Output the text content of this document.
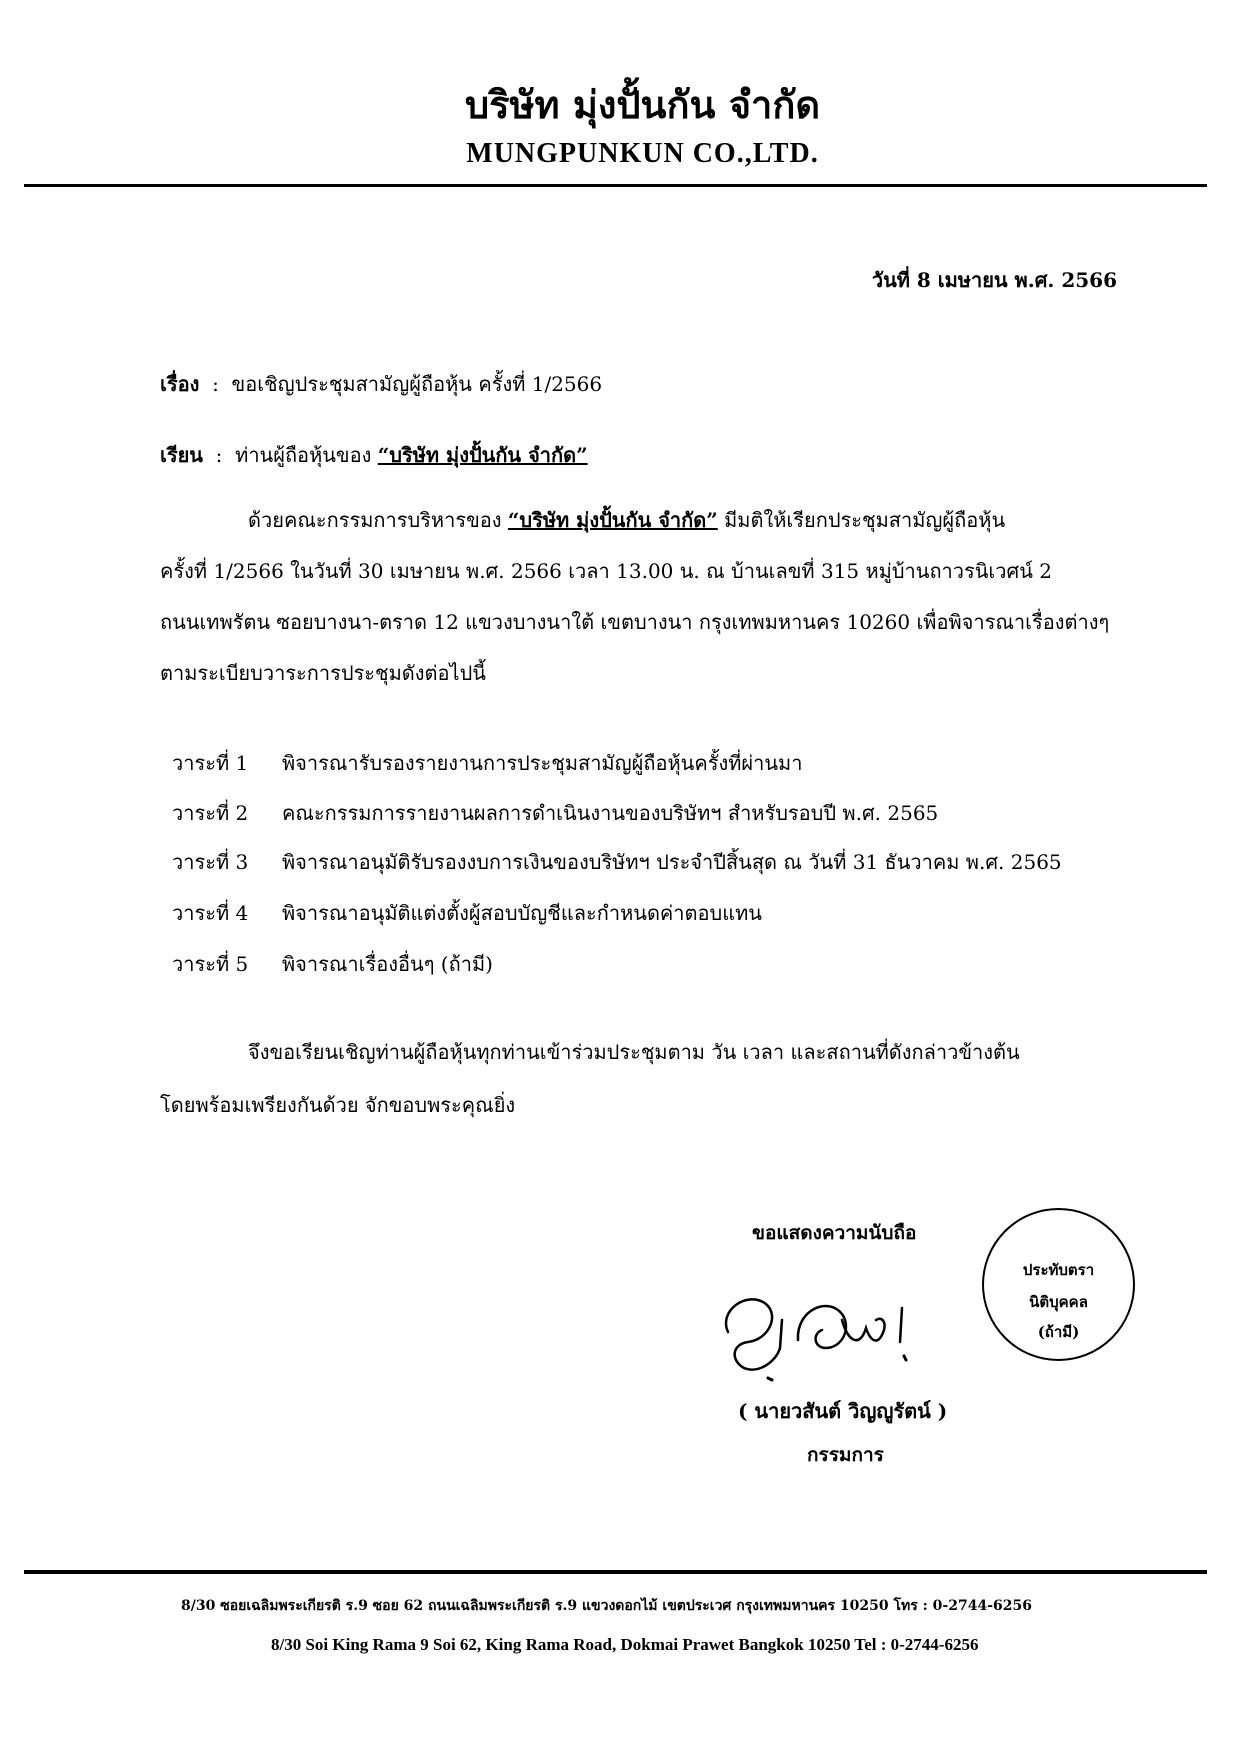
บริษัท มุ่งปั้นกัน จำกัด
MUNGPUNKUN CO.,LTD.
วันที่ 8 เมษายน พ.ศ. 2566
เรื่อง  :  ขอเชิญประชุมสามัญผู้ถือหุ้น ครั้งที่ 1/2566
เรียน  :  ท่านผู้ถือหุ้นของ “บริษัท มุ่งปั้นกัน จำกัด”
ด้วยคณะกรรมการบริหารของ “บริษัท มุ่งปั้นกัน จำกัด” มีมติให้เรียกประชุมสามัญผู้ถือหุ้น
ครั้งที่ 1/2566 ในวันที่ 30 เมษายน พ.ศ. 2566 เวลา 13.00 น. ณ บ้านเลขที่ 315 หมู่บ้านถาวรนิเวศน์ 2
ถนนเทพรัตน ซอยบางนา-ตราด 12 แขวงบางนาใต้ เขตบางนา กรุงเทพมหานคร 10260 เพื่อพิจารณาเรื่องต่างๆ
ตามระเบียบวาระการประชุมดังต่อไปนี้
วาระที่ 1 พิจารณารับรองรายงานการประชุมสามัญผู้ถือหุ้นครั้งที่ผ่านมา
วาระที่ 2 คณะกรรมการรายงานผลการดำเนินงานของบริษัทฯ สำหรับรอบปี พ.ศ. 2565
วาระที่ 3 พิจารณาอนุมัติรับรองงบการเงินของบริษัทฯ ประจำปีสิ้นสุด ณ วันที่ 31 ธันวาคม พ.ศ. 2565
วาระที่ 4 พิจารณาอนุมัติแต่งตั้งผู้สอบบัญชีและกำหนดค่าตอบแทน
วาระที่ 5 พิจารณาเรื่องอื่นๆ (ถ้ามี)
จึงขอเรียนเชิญท่านผู้ถือหุ้นทุกท่านเข้าร่วมประชุมตาม วัน เวลา และสถานที่ดังกล่าวข้างต้น
โดยพร้อมเพรียงกันด้วย จักขอบพระคุณยิ่ง
ขอแสดงความนับถือ
ประทับตรา
นิติบุคคล
(ถ้ามี)
( นายวสันต์ วิญญูรัตน์ )
กรรมการ
8/30 ซอยเฉลิมพระเกียรติ ร.9 ซอย 62 ถนนเฉลิมพระเกียรติ ร.9 แขวงดอกไม้ เขตประเวศ กรุงเทพมหานคร 10250 โทร : 0-2744-6256
8/30 Soi King Rama 9 Soi 62, King Rama Road, Dokmai Prawet Bangkok 10250 Tel : 0-2744-6256
